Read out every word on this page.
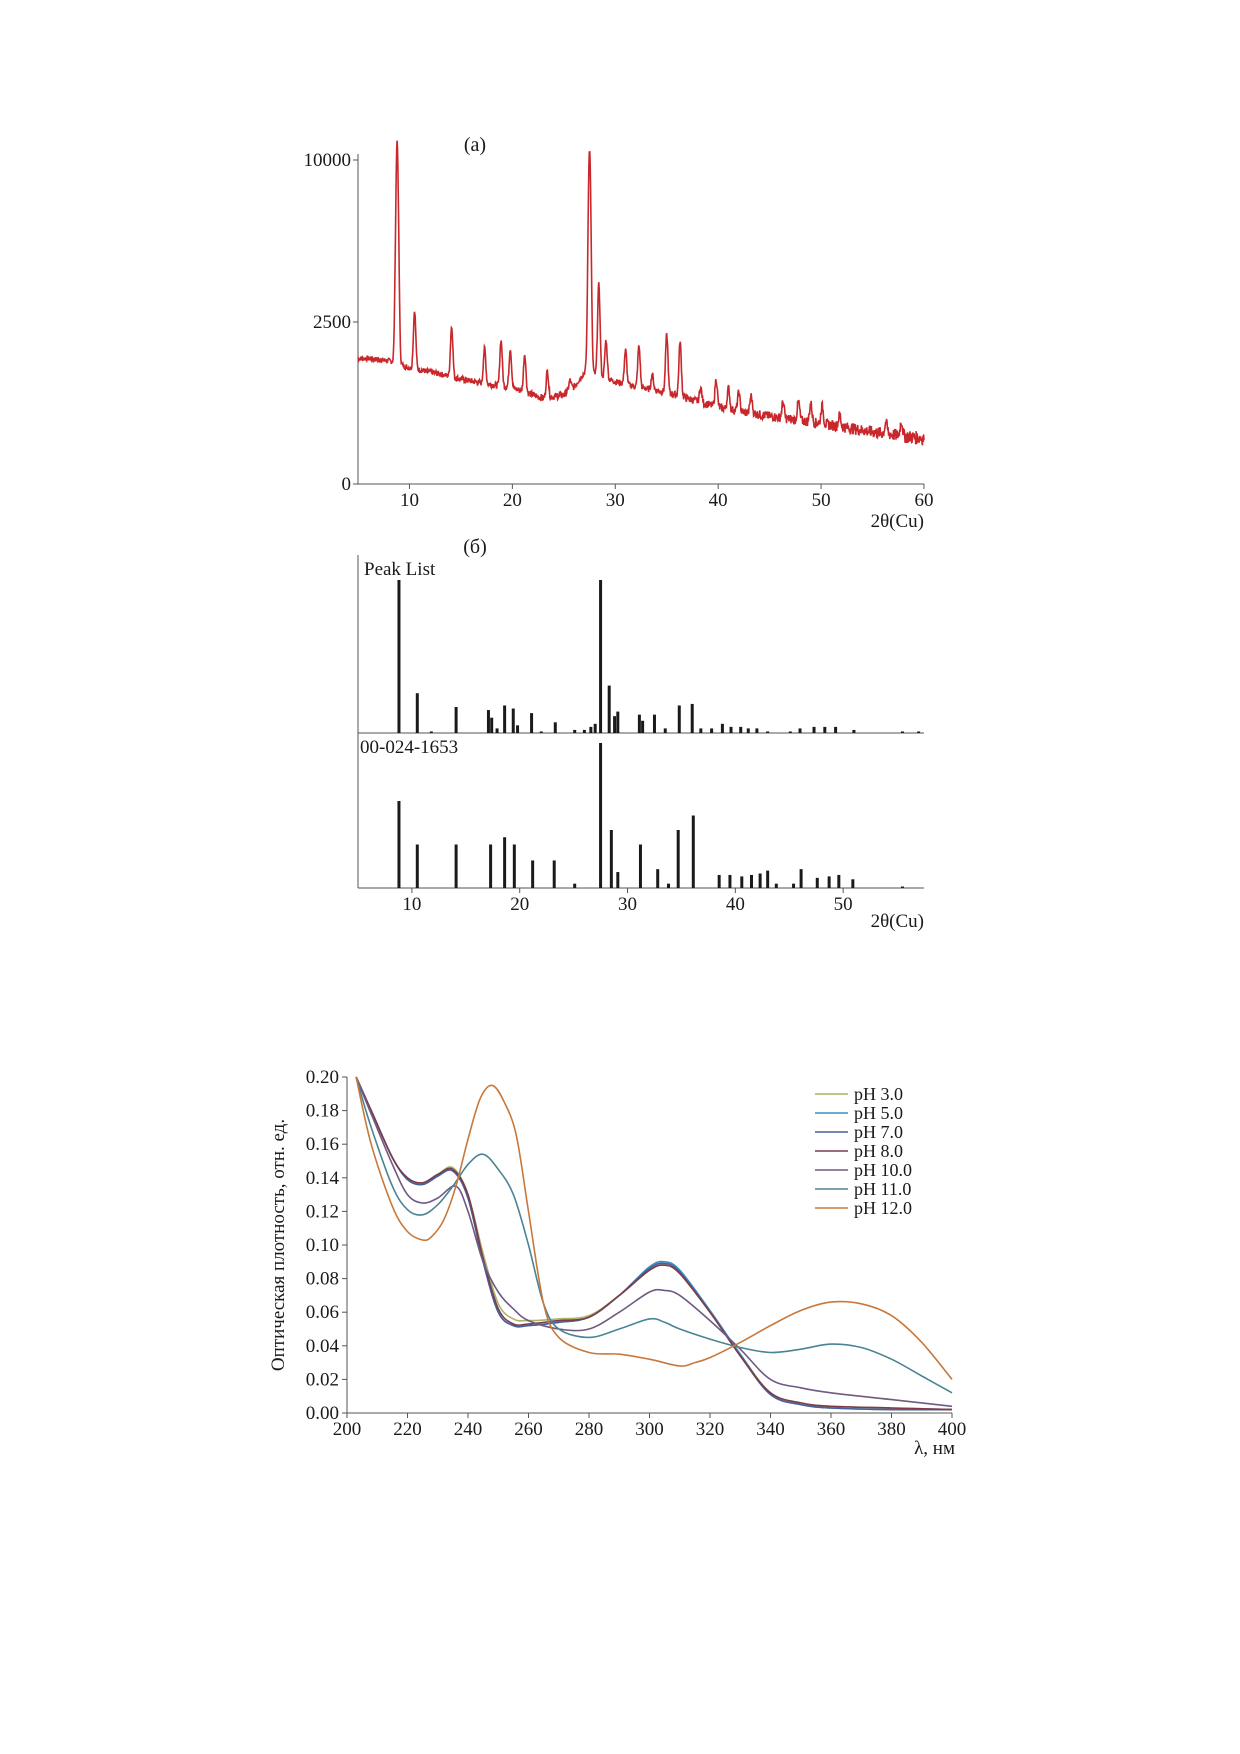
(a)
10	20	30	40	50	60
0
2500
10000
2θ(Cu)
(б)
Peak List
00-024-1653
10	20	30	40	50
2θ(Cu)
200 220 240 260 280 300 320 340 360 380 400
0.00
0.02
0.04
0.06
0.08
0.10
0.12
0.14
0.16
0.18
0.20
Оптическая плотность, отн. ед.
λ, нм
pH 3.0
pH 5.0
pH 7.0
pH 8.0
pH 10.0
pH 11.0
pH 12.0
